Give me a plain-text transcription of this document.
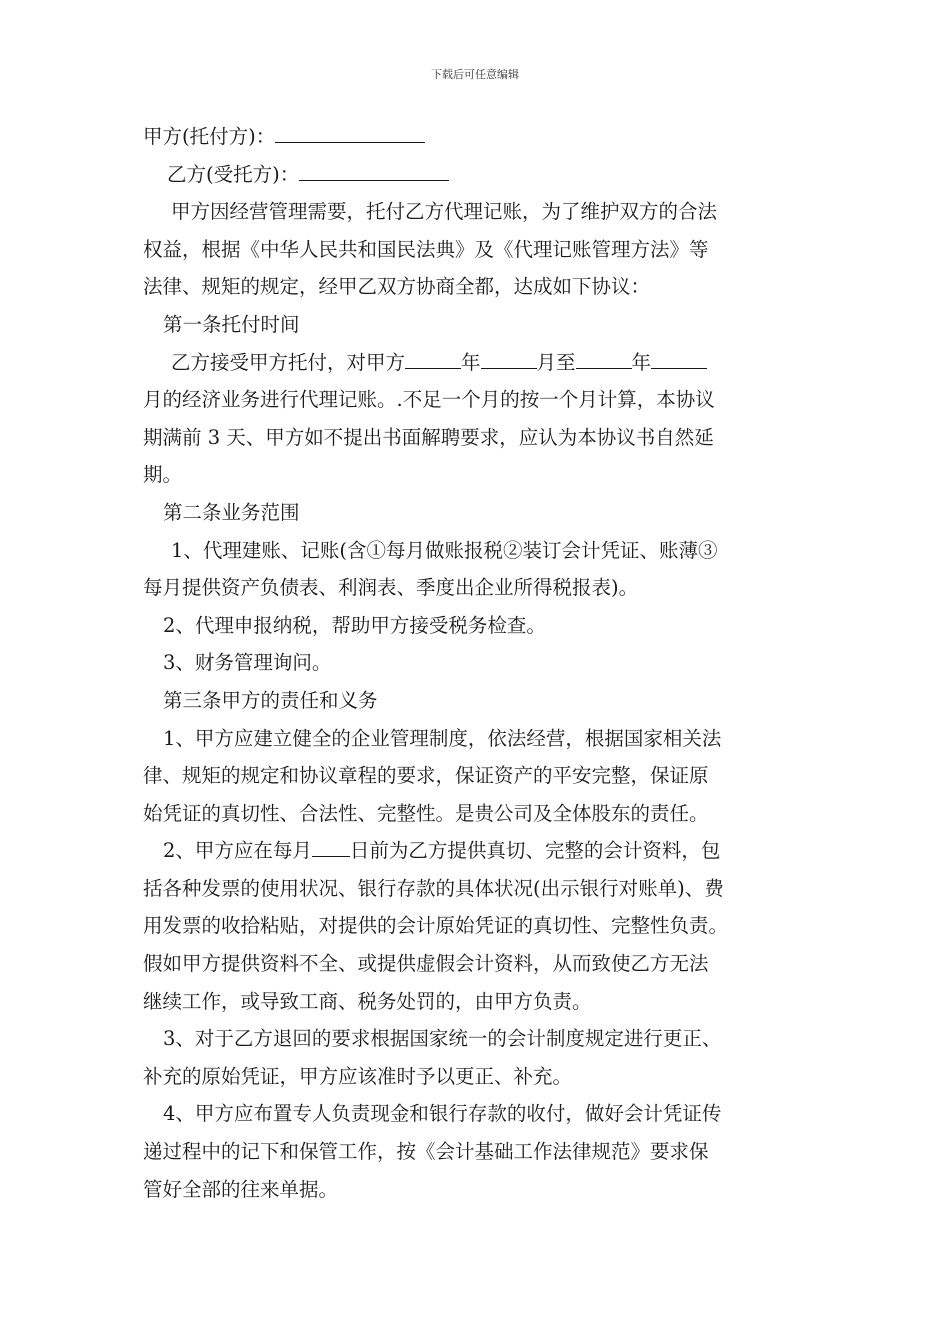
下载后可任意编辑
甲方(托付方)：
乙方(受托方)：
甲方因经营管理需要，托付乙方代理记账，为了维护双方的合法
权益，根据《中华人民共和国民法典》及《代理记账管理方法》等
法律、规矩的规定，经甲乙双方协商全都，达成如下协议：
第一条托付时间
乙方接受甲方托付，对甲方	年	月至	年
月的经济业务进行代理记账。.不足一个月的按一个月计算，本协议
期满前 3 天、甲方如不提出书面解聘要求，应认为本协议书自然延
期。
第二条业务范围
1、代理建账、记账(含①每月做账报税②装订会计凭证、账薄③
每月提供资产负债表、利润表、季度出企业所得税报表)。
2、代理申报纳税，帮助甲方接受税务检查。
3、财务管理询问。
第三条甲方的责任和义务
1、甲方应建立健全的企业管理制度，依法经营，根据国家相关法
律、规矩的规定和协议章程的要求，保证资产的平安完整，保证原
始凭证的真切性、合法性、完整性。是贵公司及全体股东的责任。
2、甲方应在每月 日前为乙方提供真切、完整的会计资料，包
括各种发票的使用状况、银行存款的具体状况(出示银行对账单)、费
用发票的收拾粘贴，对提供的会计原始凭证的真切性、完整性负责。
假如甲方提供资料不全、或提供虚假会计资料，从而致使乙方无法
继续工作，或导致工商、税务处罚的，由甲方负责。
3、对于乙方退回的要求根据国家统一的会计制度规定进行更正、
补充的原始凭证，甲方应该准时予以更正、补充。
4、甲方应布置专人负责现金和银行存款的收付，做好会计凭证传
递过程中的记下和保管工作，按《会计基础工作法律规范》要求保
管好全部的往来单据。
